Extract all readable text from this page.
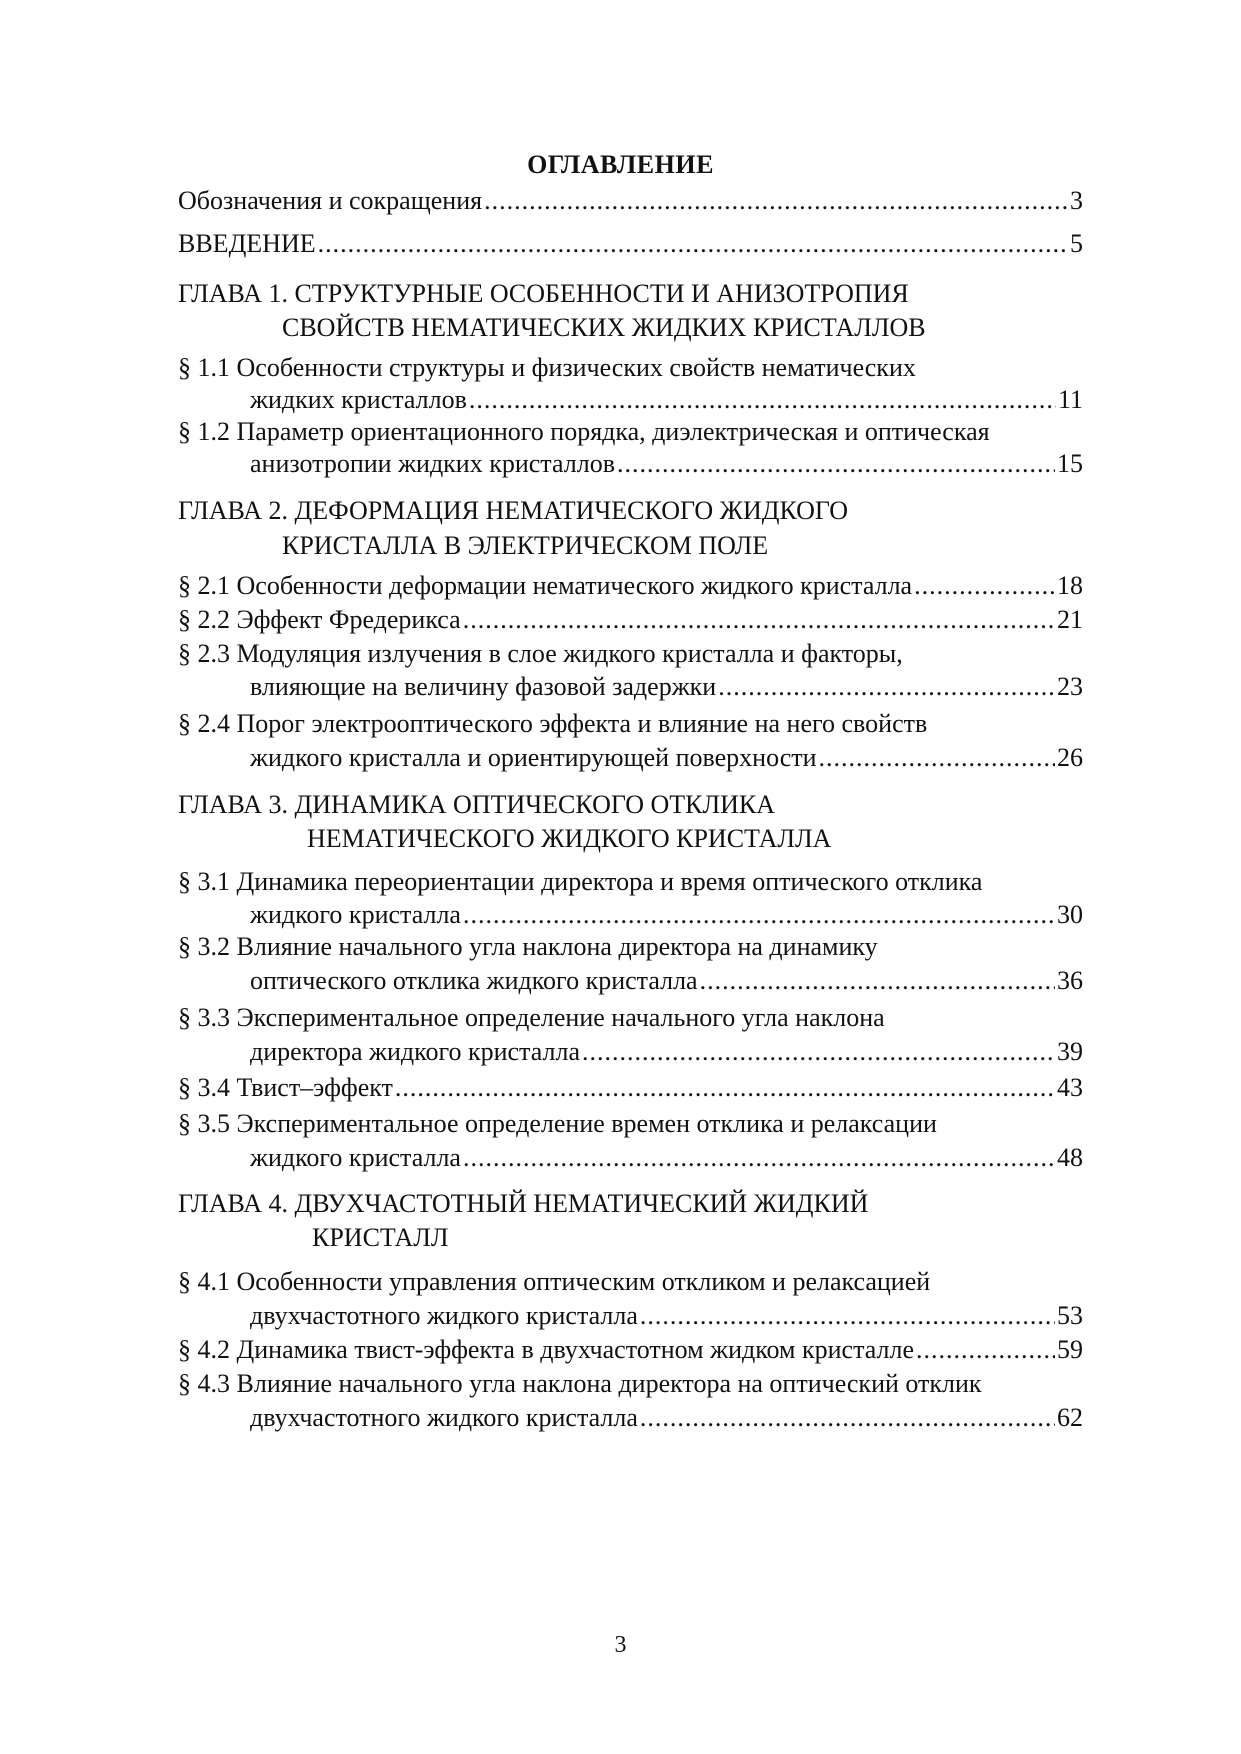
ОГЛАВЛЕНИЕ
Обозначения и сокращения .....	3
ВВЕДЕНИЕ .....	5
ГЛАВА 1. СТРУКТУРНЫЕ ОСОБЕННОСТИ И АНИЗОТРОПИЯ
СВОЙСТВ НЕМАТИЧЕСКИХ ЖИДКИХ КРИСТАЛЛОВ
§ 1.1 Особенности структуры и физических свойств нематических
жидких кристаллов .....	11
§ 1.2 Параметр ориентационного порядка, диэлектрическая и оптическая
анизотропии жидких кристаллов .....	15
ГЛАВА 2. ДЕФОРМАЦИЯ НЕМАТИЧЕСКОГО ЖИДКОГО
КРИСТАЛЛА В ЭЛЕКТРИЧЕСКОМ ПОЛЕ
§ 2.1 Особенности деформации нематического жидкого кристалла .....	18
§ 2.2 Эффект Фредерикса .....	21
§ 2.3 Модуляция излучения в слое жидкого кристалла и факторы,
влияющие на величину фазовой задержки .....	23
§ 2.4 Порог электрооптического эффекта и влияние на него свойств
жидкого кристалла и ориентирующей поверхности .....	26
ГЛАВА 3. ДИНАМИКА ОПТИЧЕСКОГО ОТКЛИКА
НЕМАТИЧЕСКОГО ЖИДКОГО КРИСТАЛЛА
§ 3.1 Динамика переориентации директора и время оптического отклика
жидкого кристалла .....	30
§ 3.2 Влияние начального угла наклона директора на динамику
оптического отклика жидкого кристалла .....	36
§ 3.3 Экспериментальное определение начального угла наклона
директора жидкого кристалла .....	39
§ 3.4 Твист–эффект .....	43
§ 3.5 Экспериментальное определение времен отклика и релаксации
жидкого кристалла .....	48
ГЛАВА 4. ДВУХЧАСТОТНЫЙ НЕМАТИЧЕСКИЙ ЖИДКИЙ
КРИСТАЛЛ
§ 4.1 Особенности управления оптическим откликом и релаксацией
двухчастотного жидкого кристалла .....	53
§ 4.2 Динамика твист-эффекта в двухчастотном жидком кристалле .....	59
§ 4.3 Влияние начального угла наклона директора на оптический отклик
двухчастотного жидкого кристалла .....	62
3
